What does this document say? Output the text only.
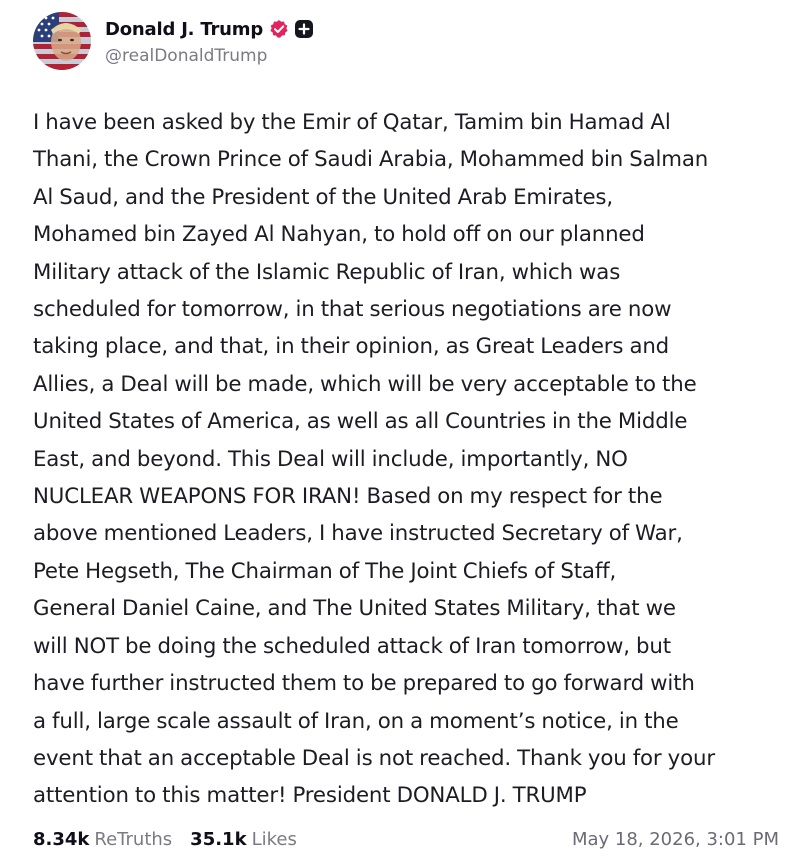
Donald J. Trump
@realDonaldTrump
I have been asked by the Emir of Qatar, Tamim bin Hamad Al
Thani, the Crown Prince of Saudi Arabia, Mohammed bin Salman
Al Saud, and the President of the United Arab Emirates,
Mohamed bin Zayed Al Nahyan, to hold off on our planned
Military attack of the Islamic Republic of Iran, which was
scheduled for tomorrow, in that serious negotiations are now
taking place, and that, in their opinion, as Great Leaders and
Allies, a Deal will be made, which will be very acceptable to the
United States of America, as well as all Countries in the Middle
East, and beyond. This Deal will include, importantly, NO
NUCLEAR WEAPONS FOR IRAN! Based on my respect for the
above mentioned Leaders, I have instructed Secretary of War,
Pete Hegseth, The Chairman of The Joint Chiefs of Staff,
General Daniel Caine, and The United States Military, that we
will NOT be doing the scheduled attack of Iran tomorrow, but
have further instructed them to be prepared to go forward with
a full, large scale assault of Iran, on a moment’s notice, in the
event that an acceptable Deal is not reached. Thank you for your
attention to this matter! President DONALD J. TRUMP
8.34k ReTruths 35.1k Likes	May 18, 2026, 3:01 PM
